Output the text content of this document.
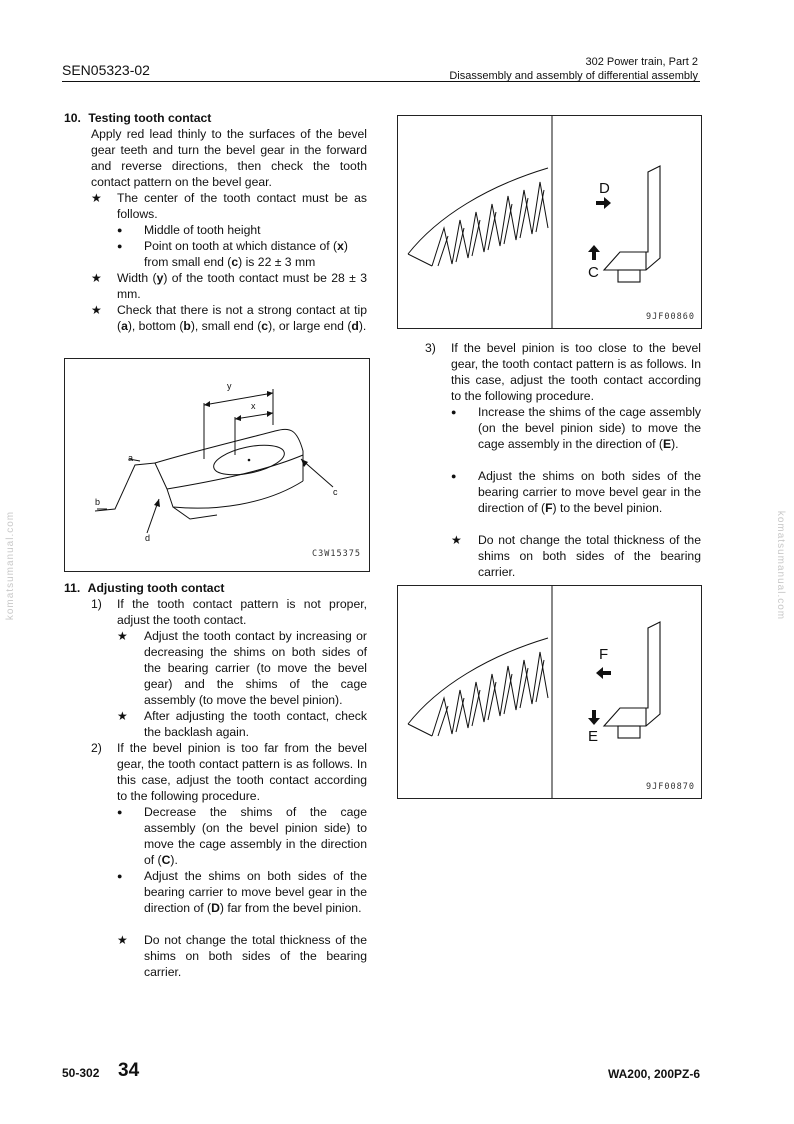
SEN05323-02	302 Power train, Part 2
Disassembly and assembly of differential assembly
komatsumanual.com	komatsumanual.com
10. Testing tooth contact
Apply red lead thinly to the surfaces of the bevel gear teeth and turn the bevel gear in the forward and reverse directions, then check the tooth contact pattern on the bevel gear.
★ The center of the tooth contact must be as follows.
● Middle of tooth height
● Point on tooth at which distance of (x) from small end (c) is 22 ± 3 mm
★ Width (y) of the tooth contact must be 28 ± 3 mm.
★ Check that there is not a strong contact at tip (a), bottom (b), small end (c), or large end (d).
y
x
a
b
c
d
C3W15375
11. Adjusting tooth contact
1) If the tooth contact pattern is not proper, adjust the tooth contact.
★ Adjust the tooth contact by increasing or decreasing the shims on both sides of the bearing carrier (to move the bevel gear) and the shims of the cage assembly (to move the bevel pinion).
★ After adjusting the tooth contact, check the backlash again.
2) If the bevel pinion is too far from the bevel gear, the tooth contact pattern is as follows. In this case, adjust the tooth contact according to the following procedure.
● Decrease the shims of the cage assembly (on the bevel pinion side) to move the cage assembly in the direction of (C).
● Adjust the shims on both sides of the bearing carrier to move bevel gear in the direction of (D) far from the bevel pinion.
★ Do not change the total thickness of the shims on both sides of the bearing carrier.
D
C
9JF00860
3) If the bevel pinion is too close to the bevel gear, the tooth contact pattern is as follows. In this case, adjust the tooth contact according to the following procedure.
● Increase the shims of the cage assembly (on the bevel pinion side) to move the cage assembly in the direction of (E).
● Adjust the shims on both sides of the bearing carrier to move bevel gear in the direction of (F) to the bevel pinion.
★ Do not change the total thickness of the shims on both sides of the bearing carrier.
F
E
9JF00870
50-302 34	WA200, 200PZ-6
